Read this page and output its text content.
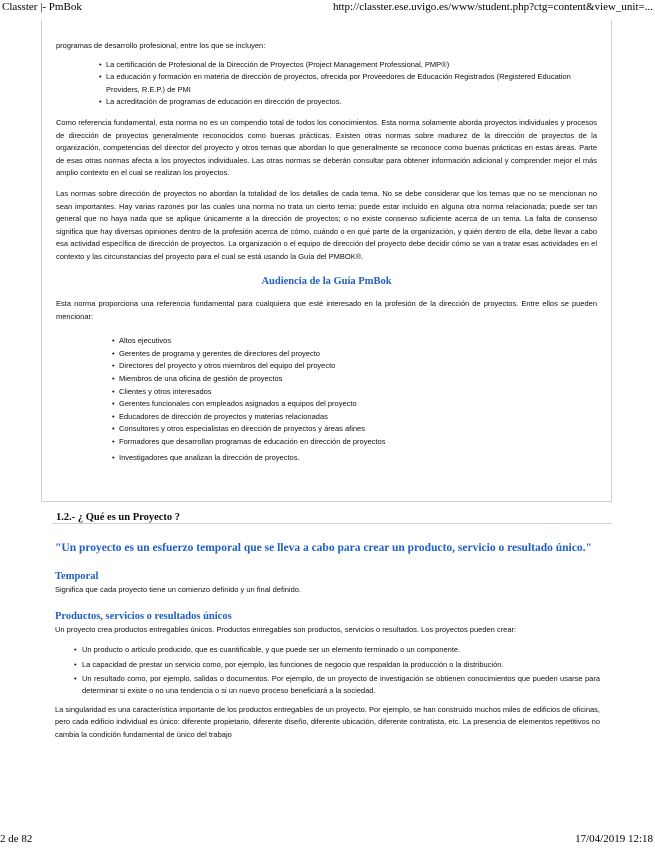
Classter |- PmBok	http://classter.ese.uvigo.es/www/student.php?ctg=content&view_unit=...

programas de desarrollo profesional, entre los que se incluyen:

• La certificación de Profesional de la Dirección de Proyectos (Project Management Professional, PMP®)
• La educación y formación en materia de dirección de proyectos, ofrecida por Proveedores de Educación Registrados (Registered Education Providers, R.E.P.) de PMI
• La acreditación de programas de educación en dirección de proyectos.

Como referencia fundamental, esta norma no es un compendio total de todos los conocimientos. Esta norma solamente aborda proyectos individuales y procesos de dirección de proyectos generalmente reconocidos como buenas prácticas. Existen otras normas sobre madurez de la dirección de proyectos de la organización, competencias del director del proyecto y otros temas que abordan lo que generalmente se reconoce como buenas prácticas en estas áreas. Parte de esas otras normas afecta a los proyectos individuales. Las otras normas se deberán consultar para obtener información adicional y comprender mejor el más amplio contexto en el cual se realizan los proyectos.

Las normas sobre dirección de proyectos no abordan la totalidad de los detalles de cada tema. No se debe considerar que los temas que no se mencionan no sean importantes. Hay varias razones por las cuales una norma no trata un cierto tema: puede estar incluido en alguna otra norma relacionada; puede ser tan general que no haya nada que se aplique únicamente a la dirección de proyectos; o no existe consenso suficiente acerca de un tema. La falta de consenso significa que hay diversas opiniones dentro de la profesión acerca de cómo, cuándo o en qué parte de la organización, y quién dentro de ella, debe llevar a cabo esa actividad específica de dirección de proyectos. La organización o el equipo de dirección del proyecto debe decidir cómo se van a tratar esas actividades en el contexto y las circunstancias del proyecto para el cual se está usando la Guía del PMBOK®.

Audiencia de la Guía PmBok

Esta norma proporciona una referencia fundamental para cualquiera que esté interesado en la profesión de la dirección de proyectos. Entre ellos se pueden mencionar:

• Altos ejecutivos
• Gerentes de programa y gerentes de directores del proyecto
• Directores del proyecto y otros miembros del equipo del proyecto
• Miembros de una oficina de gestión de proyectos
• Clientes y otros interesados
• Gerentes funcionales con empleados asignados a equipos del proyecto
• Educadores de dirección de proyectos y materias relacionadas
• Consultores y otros especialistas en dirección de proyectos y áreas afines
• Formadores que desarrollan programas de educación en dirección de proyectos
• Investigadores que analizan la dirección de proyectos.
1.2.- ¿ Qué es un Proyecto ?

"Un proyecto es un esfuerzo temporal que se lleva a cabo para crear un producto, servicio o resultado único."

Temporal

Significa que cada proyecto tiene un comienzo definido y un final definido.

Productos, servicios o resultados únicos

Un proyecto crea productos entregables únicos. Productos entregables son productos, servicios o resultados. Los proyectos pueden crear:

• Un producto o artículo producido, que es cuantificable, y que puede ser un elemento terminado o un componente.
• La capacidad de prestar un servicio como, por ejemplo, las funciones de negocio que respaldan la producción o la distribución.
• Un resultado como, por ejemplo, salidas o documentos. Por ejemplo, de un proyecto de investigación se obtienen conocimientos que pueden usarse para determinar si existe o no una tendencia o si un nuevo proceso beneficiará a la sociedad.

La singularidad es una característica importante de los productos entregables de un proyecto. Por ejemplo, se han construido muchos miles de edificios de oficinas, pero cada edificio individual es único: diferente propietario, diferente diseño, diferente ubicación, diferente contratista, etc. La presencia de elementos repetitivos no cambia la condición fundamental de único del trabajo

2 de 82	17/04/2019 12:18
